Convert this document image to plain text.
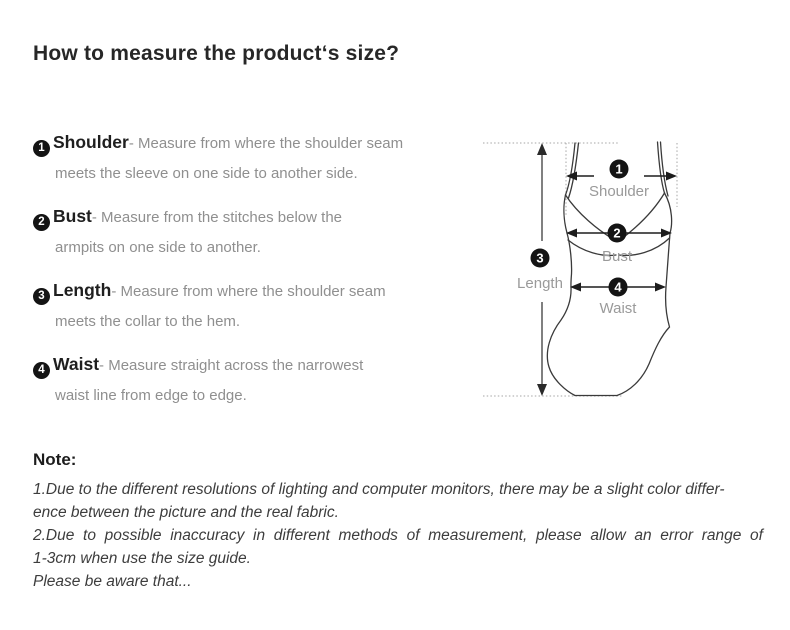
How to measure the product‘s size?
1 Shoulder- Measure from where the shoulder seam
meets the sleeve on one side to another side.
2 Bust- Measure from the stitches below the
armpits on one side to another.
3 Length- Measure from where the shoulder seam
meets the collar to the hem.
4 Waist- Measure straight across the narrowest
waist line from edge to edge.
1
2
3
4
Shoulder
Bust
Length
Waist
Note:
1.Due to the different resolutions of lighting and computer monitors, there may be a slight color differ-
ence between the picture and the real fabric.
2.Due to possible inaccuracy in different methods of measurement, please allow an error range of
1-3cm when use the size guide.
Please be aware that...
